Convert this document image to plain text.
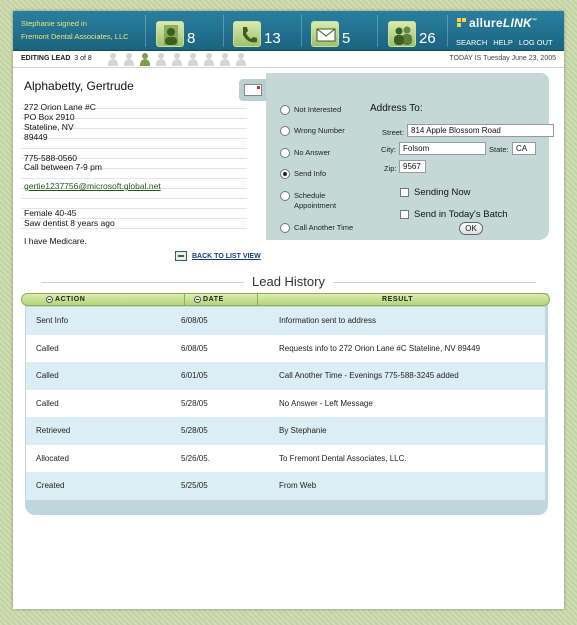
Stephanie signed in
Fremont Dental Associates, LLC	8	13	5	26
allureLINK™
SEARCH HELP LOG OUT
EDITING LEAD 3 of 8	TODAY IS Tuesday June 23, 2005
Alphabetty, Gertrude
272 Orion Lane #C
PO Box 2910
Stateline, NV
89449
775-588-0560
Call between 7-9 pm
gertie1237756@microsoft.global.net
Female 40-45
Saw dentist 8 years ago
I have Medicare.
Not Interested
Wrong Number
No Answer
Send Info
Schedule
Appointment
Call Another Time
Address To:
Street: 814 Apple Blossom Road
City: Folsom	State: CA
Zip: 9567
Sending Now
Send in Today's Batch
OK
BACK TO LIST VIEW
Lead History
ACTION	DATE	RESULT
Sent Info	6/08/05	Information sent to address
Called	6/08/05	Requests info to 272 Orion Lane #C Stateline, NV 89449
Called	6/01/05	Call Another Time - Evenings 775-588-3245 added
Called	5/28/05	No Answer - Left Message
Retrieved	5/28/05	By Stephanie
Allocated	5/26/05.	To Fremont Dental Associates, LLC.
Created	5/25/05	From Web
